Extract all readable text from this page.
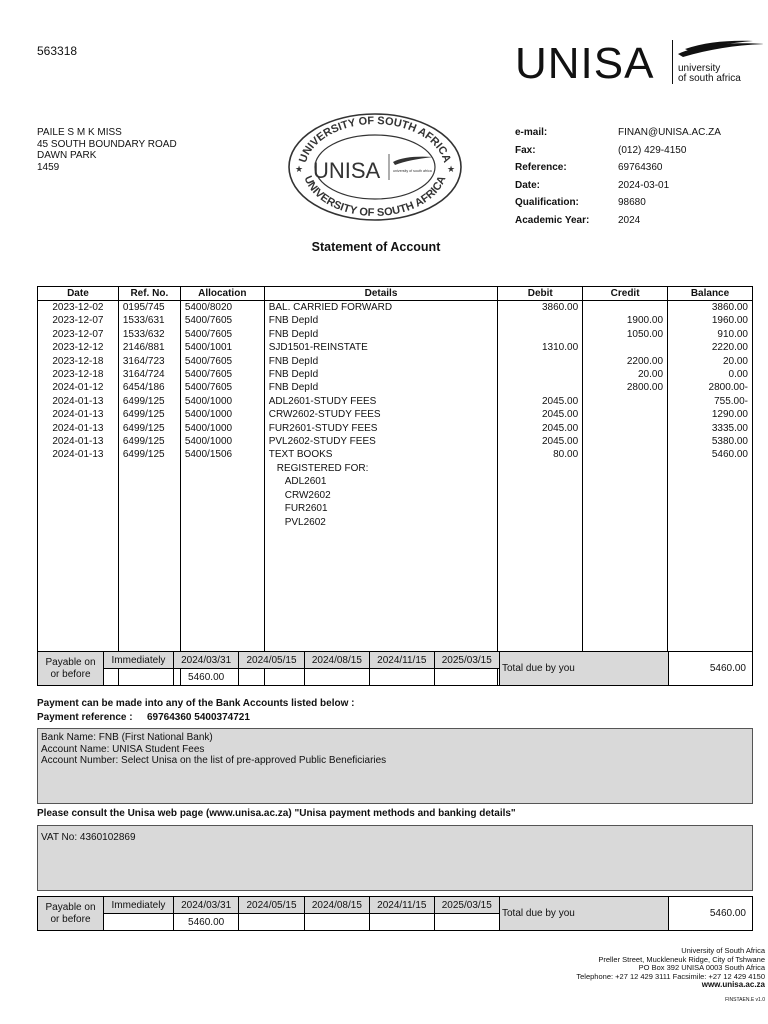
563318	UNISA university
of south africa
PAILE S M K MISS
45 SOUTH BOUNDARY ROAD
DAWN PARK
1459
UNIVERSITY OF SOUTH AFRICA
UNIVERSITY OF SOUTH AFRICA
★	★
UNISA	university of south africa
e-mail:	FINAN@UNISA.AC.ZA
Fax:	(012) 429-4150
Reference:	69764360
Date:	2024-03-01
Qualification:	98680
Academic Year:	2024
Statement of Account
Date	Ref. No.	Allocation	Details	Debit	Credit	Balance
2023-12-02	0195/745	5400/8020	BAL. CARRIED FORWARD	3860.00		3860.00
2023-12-07	1533/631	5400/7605	FNB DepId		1900.00	1960.00
2023-12-07	1533/632	5400/7605	FNB DepId		1050.00	910.00
2023-12-12	2146/881	5400/1001	SJD1501-REINSTATE	1310.00		2220.00
2023-12-18	3164/723	5400/7605	FNB DepId		2200.00	20.00
2023-12-18	3164/724	5400/7605	FNB DepId		20.00	0.00
2024-01-12	6454/186	5400/7605	FNB DepId		2800.00	2800.00-
2024-01-13	6499/125	5400/1000	ADL2601-STUDY FEES	2045.00		755.00-
2024-01-13	6499/125	5400/1000	CRW2602-STUDY FEES	2045.00		1290.00
2024-01-13	6499/125	5400/1000	FUR2601-STUDY FEES	2045.00		3335.00
2024-01-13	6499/125	5400/1000	PVL2602-STUDY FEES	2045.00		5380.00
2024-01-13	6499/125	5400/1506	TEXT BOOKS	80.00		5460.00
			REGISTERED FOR:			
			ADL2601			
			CRW2602			
			FUR2601			
			PVL2602			

Payable on
or before	Immediately	2024/03/31	2024/05/15	2024/08/15	2024/11/15	2025/03/15	Total due by you	5460.00
		5460.00						
Payment can be made into any of the Bank Accounts listed below :
Payment reference : 69764360 5400374721
Bank Name: FNB (First National Bank)
Account Name: UNISA Student Fees
Account Number: Select Unisa on the list of pre-approved Public Beneficiaries
Please consult the Unisa web page (www.unisa.ac.za) "Unisa payment methods and banking details"
VAT No: 4360102869
Payable on
or before	Immediately	2024/03/31	2024/05/15	2024/08/15	2024/11/15	2025/03/15	Total due by you	5460.00
		5460.00						
University of South Africa
Preller Street, Muckleneuk Ridge, City of Tshwane
PO Box 392 UNISA 0003 South Africa
Telephone: +27 12 429 3111 Facsimile: +27 12 429 4150
www.unisa.ac.za
FINSTAEN.E v1.0
